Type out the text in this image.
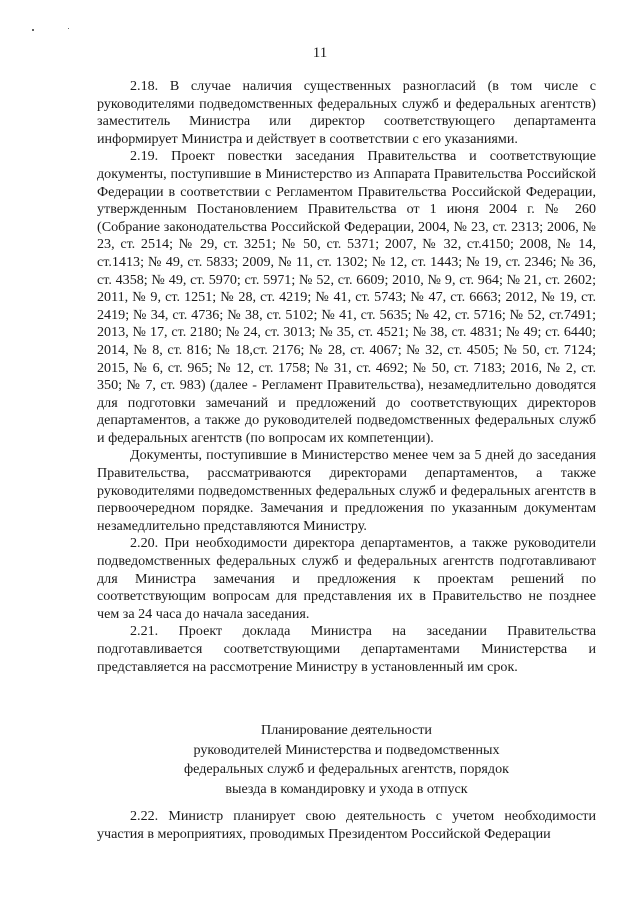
11

2.18. В случае наличия существенных разногласий (в том числе с руководителями подведомственных федеральных служб и федеральных агентств) заместитель Министра или директор соответствующего департамента информирует Министра и действует в соответствии с его указаниями.

2.19. Проект повестки заседания Правительства и соответствующие документы, поступившие в Министерство из Аппарата Правительства Российской Федерации в соответствии с Регламентом Правительства Российской Федерации, утвержденным Постановлением Правительства от 1 июня 2004 г. № 260 (Собрание законодательства Российской Федерации, 2004, № 23, ст. 2313; 2006, № 23, ст. 2514; № 29, ст. 3251; № 50, ст. 5371; 2007, № 32, ст.4150; 2008, № 14, ст.1413; № 49, ст. 5833; 2009, № 11, ст. 1302; № 12, ст. 1443; № 19, ст. 2346; № 36, ст. 4358; № 49, ст. 5970; ст. 5971; № 52, ст. 6609; 2010, № 9, ст. 964; № 21, ст. 2602; 2011, № 9, ст. 1251; № 28, ст. 4219; № 41, ст. 5743; № 47, ст. 6663; 2012, № 19, ст. 2419; № 34, ст. 4736; № 38, ст. 5102; № 41, ст. 5635; № 42, ст. 5716; № 52, ст.7491; 2013, № 17, ст. 2180; № 24, ст. 3013; № 35, ст. 4521; № 38, ст. 4831; № 49; ст. 6440; 2014, № 8, ст. 816; № 18,ст. 2176; № 28, ст. 4067; № 32, ст. 4505; № 50, ст. 7124; 2015, № 6, ст. 965; № 12, ст. 1758; № 31, ст. 4692; № 50, ст. 7183; 2016, № 2, ст. 350; № 7, ст. 983) (далее - Регламент Правительства), незамедлительно доводятся для подготовки замечаний и предложений до соответствующих директоров департаментов, а также до руководителей подведомственных федеральных служб и федеральных агентств (по вопросам их компетенции).

Документы, поступившие в Министерство менее чем за 5 дней до заседания Правительства, рассматриваются директорами департаментов, а также руководителями подведомственных федеральных служб и федеральных агентств в первоочередном порядке. Замечания и предложения по указанным документам незамедлительно представляются Министру.

2.20. При необходимости директора департаментов, а также руководители подведомственных федеральных служб и федеральных агентств подготавливают для Министра замечания и предложения к проектам решений по соответствующим вопросам для представления их в Правительство не позднее чем за 24 часа до начала заседания.

2.21. Проект доклада Министра на заседании Правительства подготавливается соответствующими департаментами Министерства и представляется на рассмотрение Министру в установленный им срок.

Планирование деятельности
руководителей Министерства и подведомственных
федеральных служб и федеральных агентств, порядок
выезда в командировку и ухода в отпуск

2.22. Министр планирует свою деятельность с учетом необходимости участия в мероприятиях, проводимых Президентом Российской Федерации
